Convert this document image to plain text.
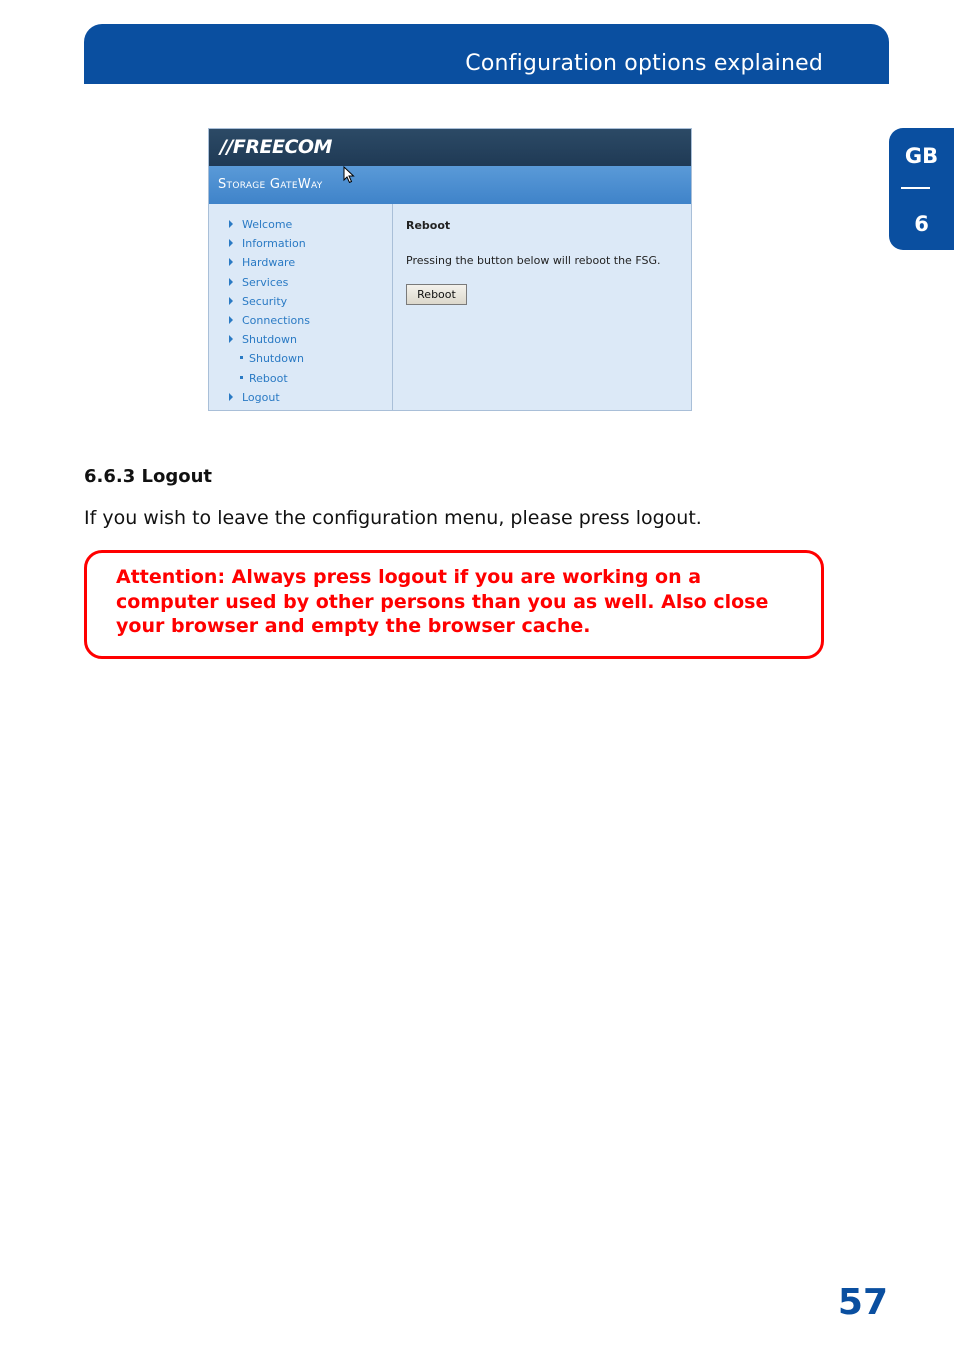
Configuration options explained
GB
6
//FREECOM
Storage GateWay
Welcome
Information
Hardware
Services
Security
Connections
Shutdown
Shutdown
Reboot
Logout
Reboot
Pressing the button below will reboot the FSG.
Reboot
6.6.3 Logout
If you wish to leave the configuration menu, please press logout.
Attention: Always press logout if you are working on a computer used by other persons than you as well. Also close your browser and empty the browser cache.
57
